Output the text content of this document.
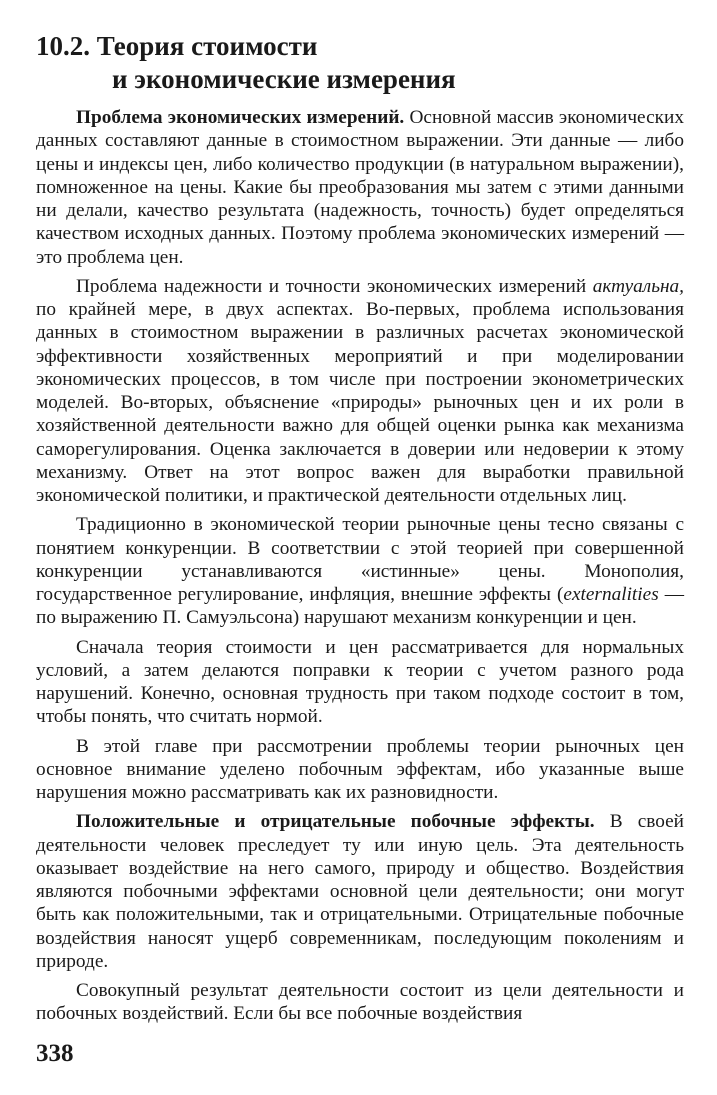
10.2. Теория стоимости
и экономические измерения

Проблема экономических измерений. Основной массив экономических данных составляют данные в стоимостном выражении. Эти данные — либо цены и индексы цен, либо количество продукции (в натуральном выражении), помноженное на цены. Какие бы преобразования мы затем с этими данными ни делали, качество результата (надежность, точность) будет определяться качеством исходных данных. Поэтому проблема экономических измерений — это проблема цен.

Проблема надежности и точности экономических измерений актуальна, по крайней мере, в двух аспектах. Во-первых, проблема использования данных в стоимостном выражении в различных расчетах экономической эффективности хозяйственных мероприятий и при моделировании экономических процессов, в том числе при построении эконометрических моделей. Во-вторых, объяснение «природы» рыночных цен и их роли в хозяйственной деятельности важно для общей оценки рынка как механизма саморегулирования. Оценка заключается в доверии или недоверии к этому механизму. Ответ на этот вопрос важен для выработки правильной экономической политики, и практической деятельности отдельных лиц.

Традиционно в экономической теории рыночные цены тесно связаны с понятием конкуренции. В соответствии с этой теорией при совершенной конкуренции устанавливаются «истинные» цены. Монополия, государственное регулирование, инфляция, внешние эффекты (externalities — по выражению П. Самуэльсона) нарушают механизм конкуренции и цен.

Сначала теория стоимости и цен рассматривается для нормальных условий, а затем делаются поправки к теории с учетом разного рода нарушений. Конечно, основная трудность при таком подходе состоит в том, чтобы понять, что считать нормой.

В этой главе при рассмотрении проблемы теории рыночных цен основное внимание уделено побочным эффектам, ибо указанные выше нарушения можно рассматривать как их разновидности.

Положительные и отрицательные побочные эффекты. В своей деятельности человек преследует ту или иную цель. Эта деятельность оказывает воздействие на него самого, природу и общество. Воздействия являются побочными эффектами основной цели деятельности; они могут быть как положительными, так и отрицательными. Отрицательные побочные воздействия наносят ущерб современникам, последующим поколениям и природе.

Совокупный результат деятельности состоит из цели деятельности и побочных воздействий. Если бы все побочные воздействия

338
